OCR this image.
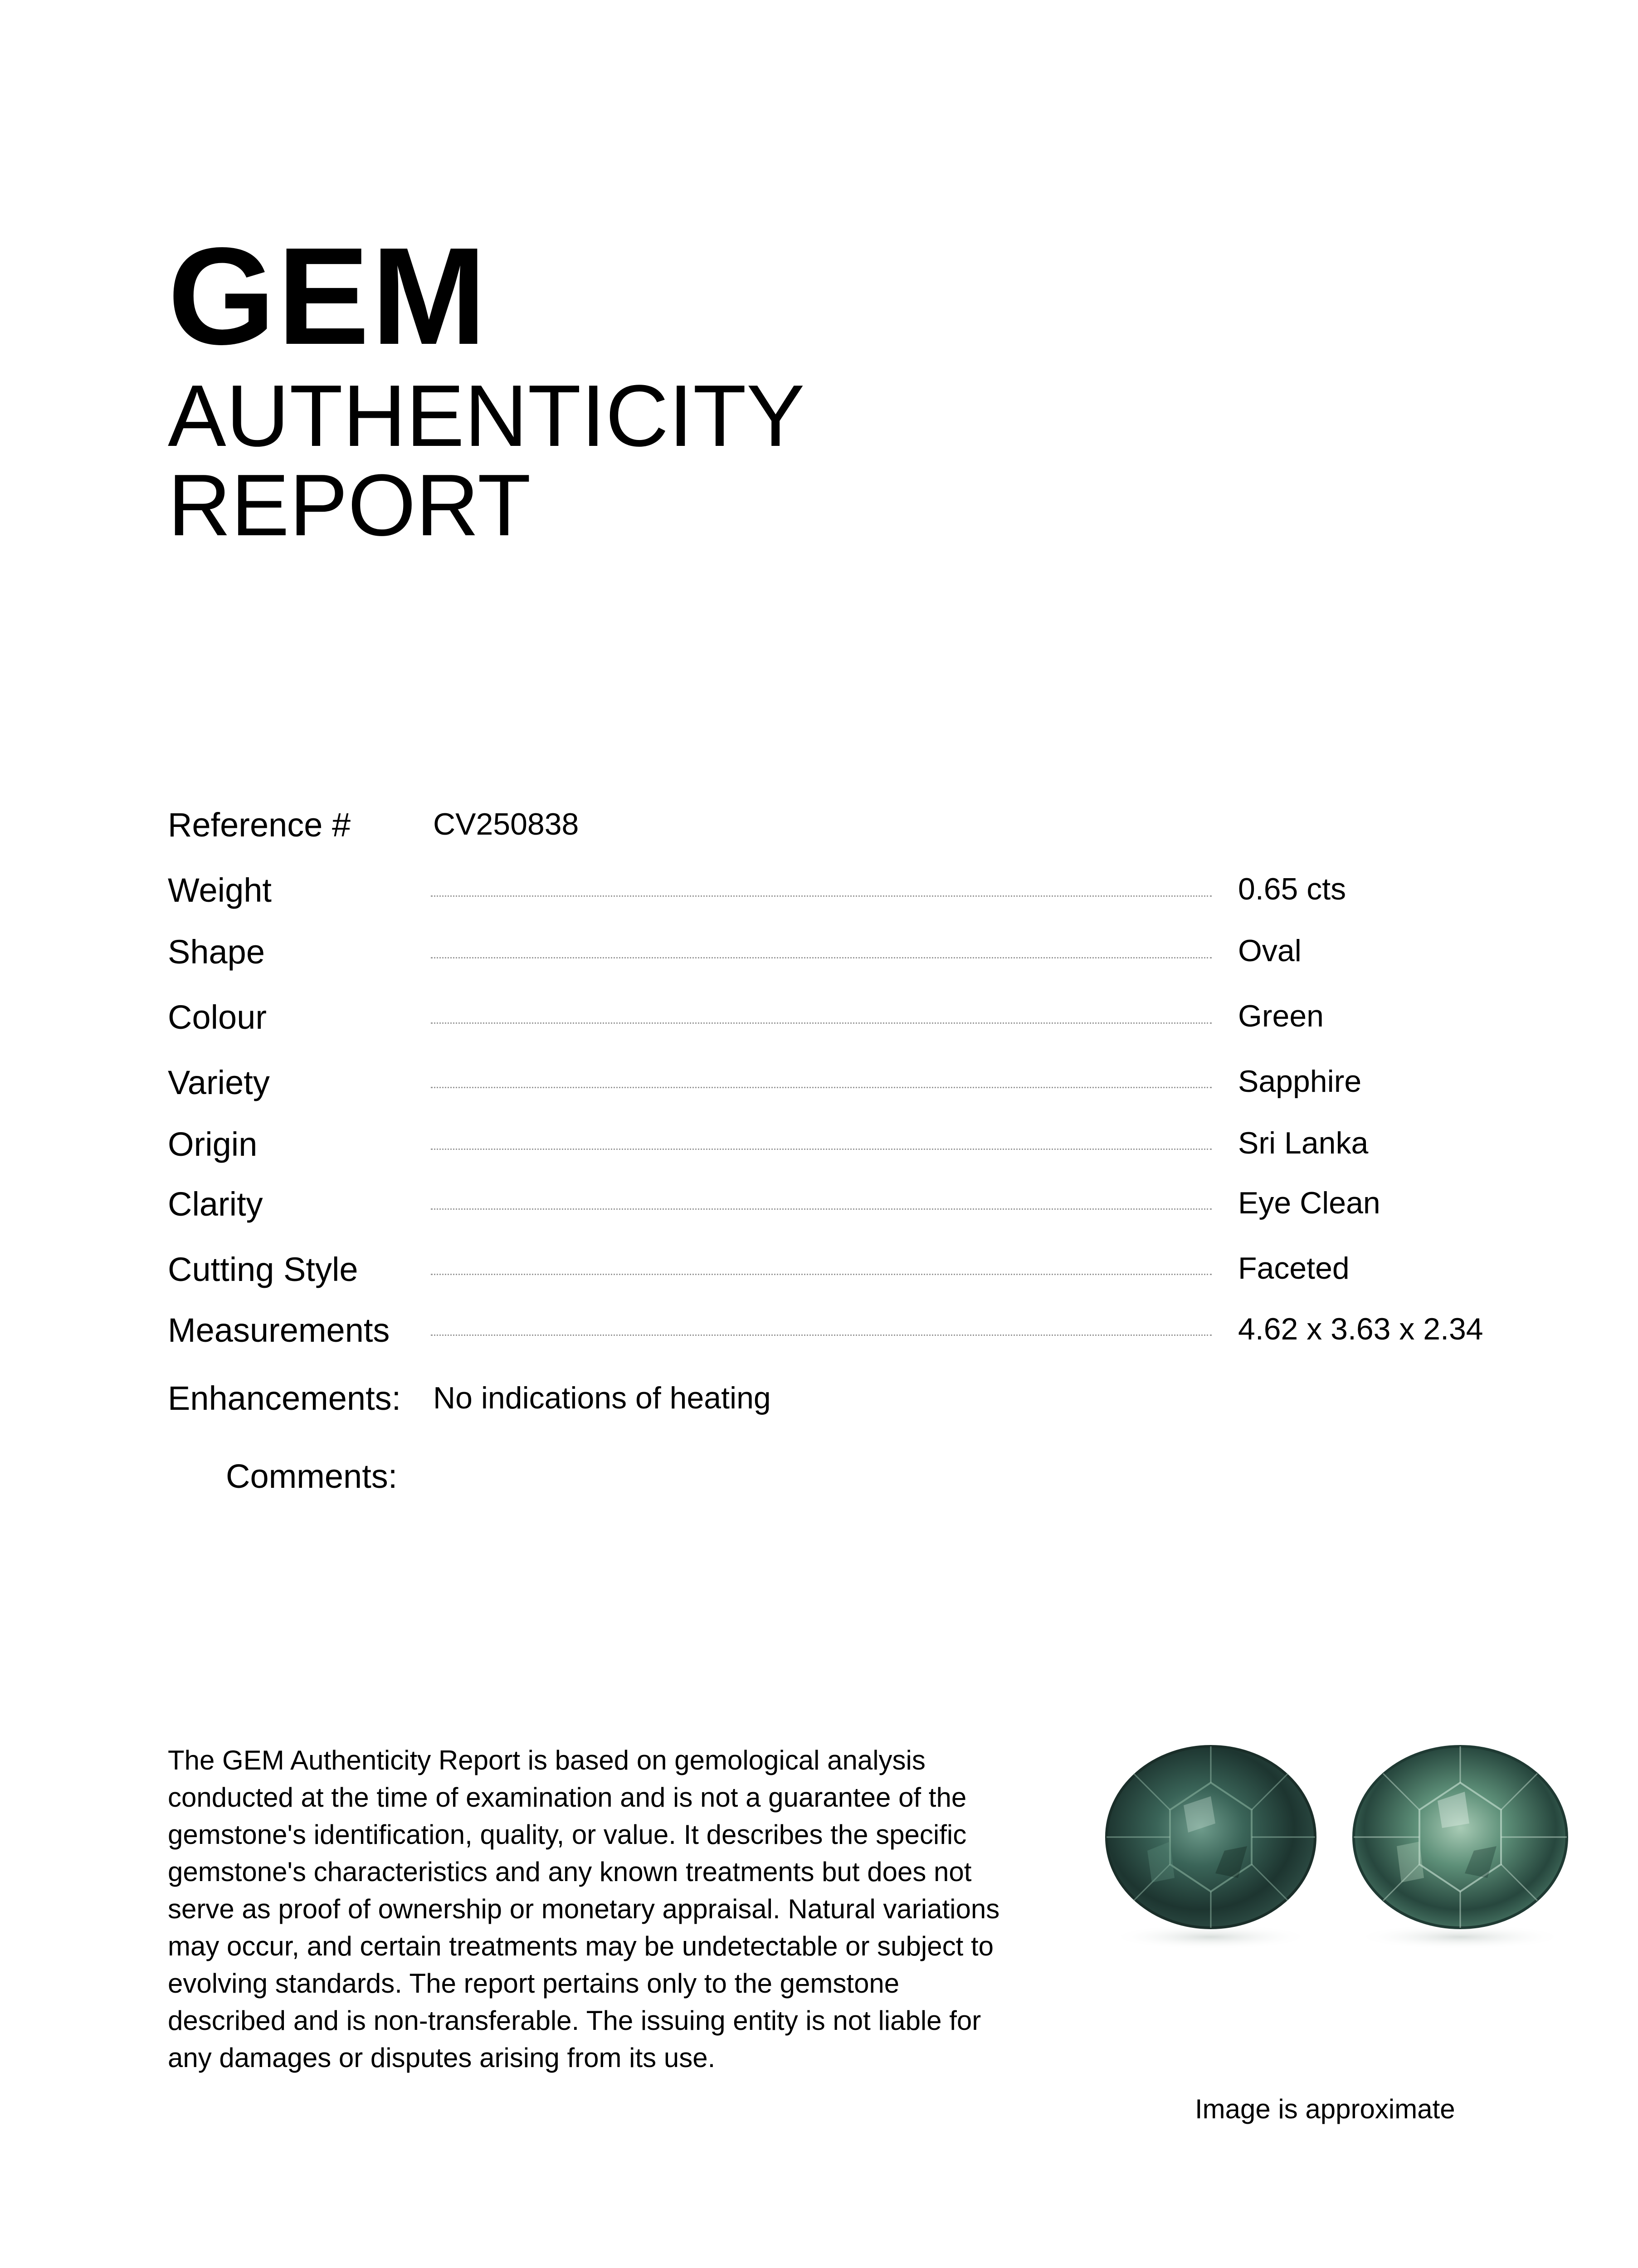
GEM
AUTHENTICITY
REPORT
Reference #	CV250838
Weight	0.65 cts
Shape	Oval
Colour	Green
Variety	Sapphire
Origin	Sri Lanka
Clarity	Eye Clean
Cutting Style	Faceted
Measurements	4.62 x 3.63 x 2.34
Enhancements: No indications of heating
Comments:

The GEM Authenticity Report is based on gemological analysis conducted at the time of examination and is not a guarantee of the gemstone's identification, quality, or value. It describes the specific gemstone's characteristics and any known treatments but does not serve as proof of ownership or monetary appraisal. Natural variations may occur, and certain treatments may be undetectable or subject to evolving standards. The report pertains only to the gemstone described and is non-transferable. The issuing entity is not liable for any damages or disputes arising from its use.

Image is approximate
